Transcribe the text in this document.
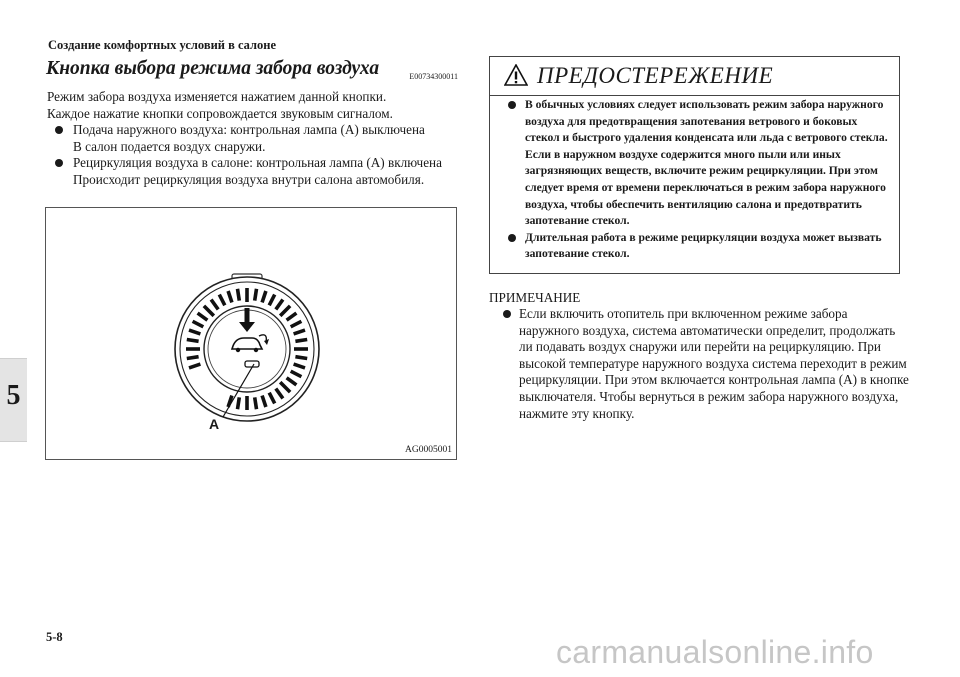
Создание комфортных условий в салоне
5
Кнопка выбора режима забора воздуха	E00734300011

Режим забора воздуха изменяется нажатием данной кнопки.

Каждое нажатие кнопки сопровождается звуковым сигналом.

Подача наружного воздуха: контрольная лампа (A) выключена
В салон подается воздух снаружи.
Рециркуляция воздуха в салоне: контрольная лампа (A) включена
Происходит рециркуляция воздуха внутри салона автомобиля.
A
AG0005001
ПРЕДОСТЕРЕЖЕНИЕ

В обычных условиях следует использовать режим забора наружного воздуха для предотвращения запотевания ветрового и боковых стекол и быстрого удаления конденсата или льда с ветрового стекла.

Если в наружном воздухе содержится много пыли или иных загрязняющих веществ, включите режим рециркуляции. При этом следует время от времени переключаться в режим забора наружного воздуха, чтобы обеспечить вентиляцию салона и предотвратить запотевание стекол.

Длительная работа в режиме рециркуляции воздуха может вызвать запотевание стекол.

ПРИМЕЧАНИЕ
Если включить отопитель при включенном режиме забора наружного воздуха, система автоматически определит, продолжать ли подавать воздух снаружи или перейти на рециркуляцию. При высокой температуре наружного воздуха система переходит в режим рециркуляции. При этом включается контрольная лампа (A) в кнопке выключателя. Чтобы вернуться в режим забора наружного воздуха, нажмите эту кнопку.
5-8	carmanualsonline.info
